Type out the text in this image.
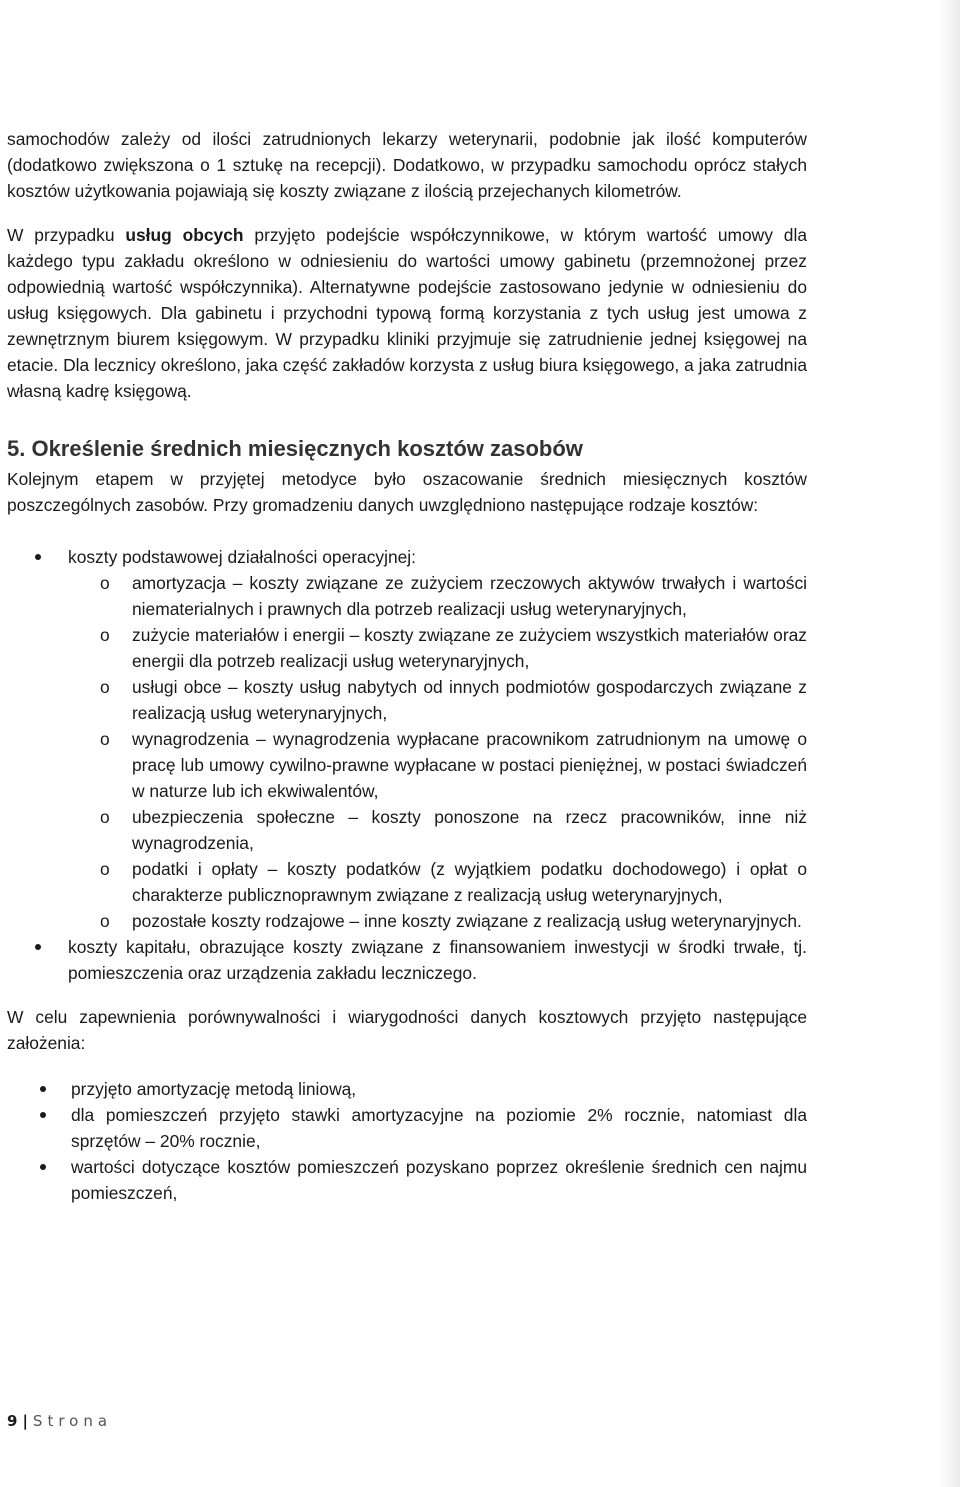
samochodów zależy od ilości zatrudnionych lekarzy weterynarii, podobnie jak ilość komputerów (dodatkowo zwiększona o 1 sztukę na recepcji). Dodatkowo, w przypadku samochodu oprócz stałych kosztów użytkowania pojawiają się koszty związane z ilością przejechanych kilometrów.

W przypadku usług obcych przyjęto podejście współczynnikowe, w którym wartość umowy dla każdego typu zakładu określono w odniesieniu do wartości umowy gabinetu (przemnożonej przez odpowiednią wartość współczynnika). Alternatywne podejście zastosowano jedynie w odniesieniu do usług księgowych. Dla gabinetu i przychodni typową formą korzystania z tych usług jest umowa z zewnętrznym biurem księgowym. W przypadku kliniki przyjmuje się zatrudnienie jednej księgowej na etacie. Dla lecznicy określono, jaka część zakładów korzysta z usług biura księgowego, a jaka zatrudnia własną kadrę księgową.

5. Określenie średnich miesięcznych kosztów zasobów

Kolejnym etapem w przyjętej metodyce było oszacowanie średnich miesięcznych kosztów poszczególnych zasobów. Przy gromadzeniu danych uwzględniono następujące rodzaje kosztów:

koszty podstawowej działalności operacyjnej:
o amortyzacja – koszty związane ze zużyciem rzeczowych aktywów trwałych i wartości niematerialnych i prawnych dla potrzeb realizacji usług weterynaryjnych,
o zużycie materiałów i energii – koszty związane ze zużyciem wszystkich materiałów oraz energii dla potrzeb realizacji usług weterynaryjnych,
o usługi obce – koszty usług nabytych od innych podmiotów gospodarczych związane z realizacją usług weterynaryjnych,
o wynagrodzenia – wynagrodzenia wypłacane pracownikom zatrudnionym na umowę o pracę lub umowy cywilno-prawne wypłacane w postaci pieniężnej, w postaci świadczeń w naturze lub ich ekwiwalentów,
o ubezpieczenia społeczne – koszty ponoszone na rzecz pracowników, inne niż wynagrodzenia,
o podatki i opłaty – koszty podatków (z wyjątkiem podatku dochodowego) i opłat o charakterze publicznoprawnym związane z realizacją usług weterynaryjnych,
o pozostałe koszty rodzajowe – inne koszty związane z realizacją usług weterynaryjnych.
koszty kapitału, obrazujące koszty związane z finansowaniem inwestycji w środki trwałe, tj. pomieszczenia oraz urządzenia zakładu leczniczego.

W celu zapewnienia porównywalności i wiarygodności danych kosztowych przyjęto następujące założenia:

przyjęto amortyzację metodą liniową,
dla pomieszczeń przyjęto stawki amortyzacyjne na poziomie 2% rocznie, natomiast dla sprzętów – 20% rocznie,
wartości dotyczące kosztów pomieszczeń pozyskano poprzez określenie średnich cen najmu pomieszczeń,
9 | Strona
